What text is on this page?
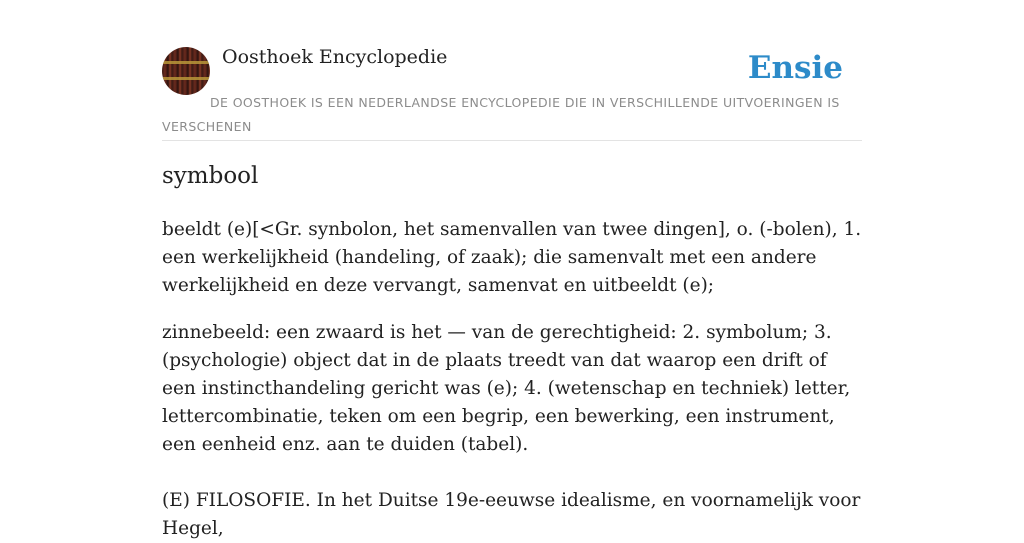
Oosthoek Encyclopedie	Ensie
DE OOSTHOEK IS EEN NEDERLANDSE ENCYCLOPEDIE DIE IN VERSCHILLENDE UITVOERINGEN IS VERSCHENEN
symbool

beeldt (e)[<Gr. synbolon, het samenvallen van twee dingen], o. (-bolen), 1. een werkelijkheid (handeling, of zaak); die samenvalt met een andere werkelijkheid en deze vervangt, samenvat en uitbeeldt (e);

zinnebeeld: een zwaard is het — van de gerechtigheid: 2. symbolum; 3. (psychologie) object dat in de plaats treedt van dat waarop een drift of een instincthandeling gericht was (e); 4. (wetenschap en techniek) letter, lettercombinatie, teken om een begrip, een bewerking, een instrument, een eenheid enz. aan te duiden (tabel).

(E) FILOSOFIE. In het Duitse 19e-eeuwse idealisme, en voornamelijk voor Hegel,
